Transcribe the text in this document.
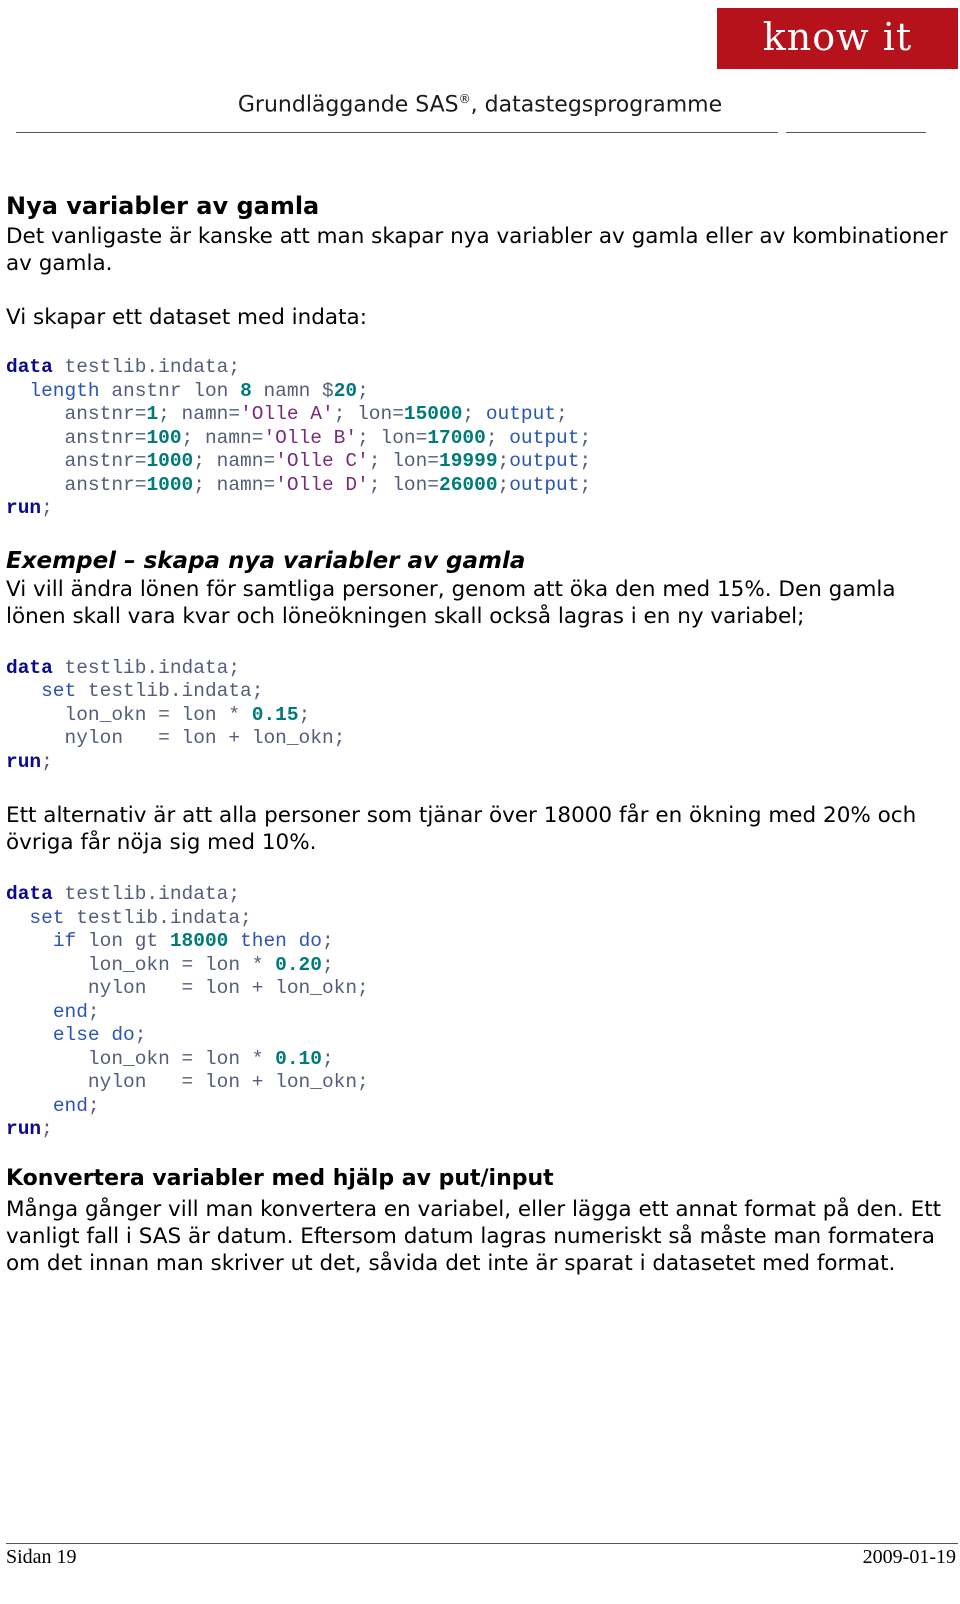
know it
Grundläggande SAS®, datastegsprogramme
Nya variabler av gamla

Det vanligaste är kanske att man skapar nya variabler av gamla eller av kombinationer av gamla.

Vi skapar ett dataset med indata:

data testlib.indata;
length anstnr lon 8 namn $20;
anstnr=1; namn='Olle A'; lon=15000; output;
anstnr=100; namn='Olle B'; lon=17000; output;
anstnr=1000; namn='Olle C'; lon=19999;output;
anstnr=1000; namn='Olle D'; lon=26000;output;
run;
Exempel – skapa nya variabler av gamla

Vi vill ändra lönen för samtliga personer, genom att öka den med 15%. Den gamla lönen skall vara kvar och löneökningen skall också lagras i en ny variabel;

data testlib.indata;
set testlib.indata;
lon_okn = lon * 0.15;
nylon   = lon + lon_okn;
run;

Ett alternativ är att alla personer som tjänar över 18000 får en ökning med 20% och övriga får nöja sig med 10%.

data testlib.indata;
set testlib.indata;
if lon gt 18000 then do;
lon_okn = lon * 0.20;
nylon   = lon + lon_okn;
end;
else do;
lon_okn = lon * 0.10;
nylon   = lon + lon_okn;
end;
run;
Konvertera variabler med hjälp av put/input

Många gånger vill man konvertera en variabel, eller lägga ett annat format på den. Ett vanligt fall i SAS är datum. Eftersom datum lagras numeriskt så måste man formatera om det innan man skriver ut det, såvida det inte är sparat i datasetet med format.

Sidan 19	2009-01-19
